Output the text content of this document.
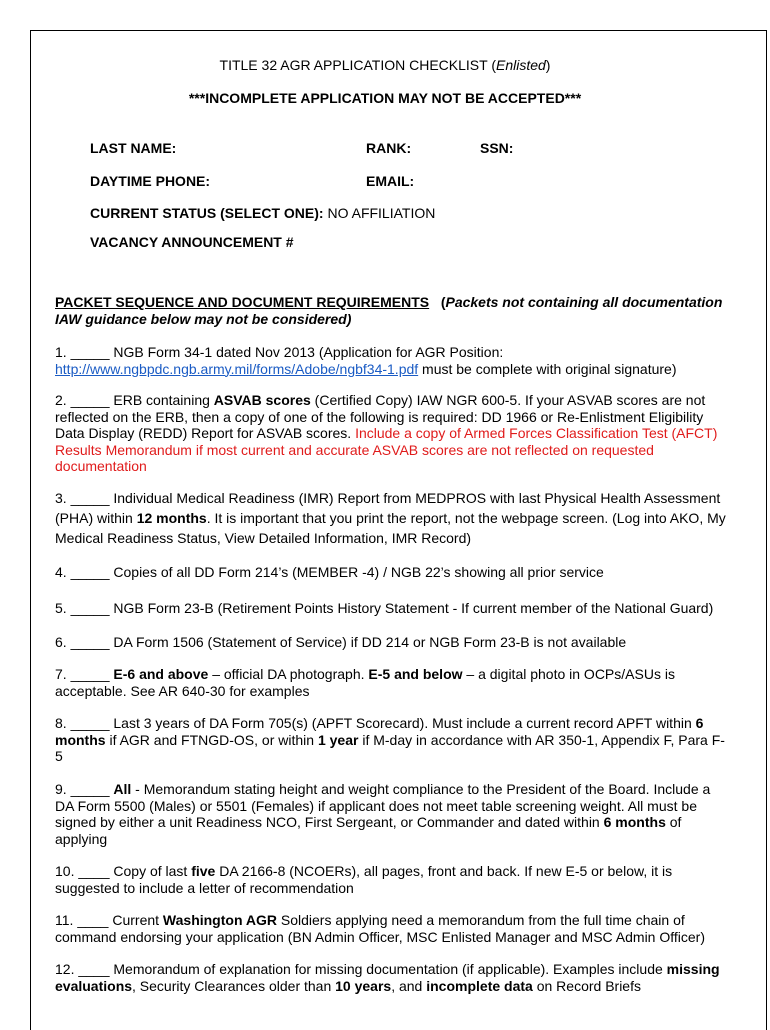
TITLE 32 AGR APPLICATION CHECKLIST (Enlisted)
***INCOMPLETE APPLICATION MAY NOT BE ACCEPTED***
LAST NAME:	RANK:	SSN:
DAYTIME PHONE:	EMAIL:
CURRENT STATUS (SELECT ONE): NO AFFILIATION
VACANCY ANNOUNCEMENT #
PACKET SEQUENCE AND DOCUMENT REQUIREMENTS (Packets not containing all documentation
IAW guidance below may not be considered)
1. _____ NGB Form 34-1 dated Nov 2013 (Application for AGR Position:
http://www.ngbpdc.ngb.army.mil/forms/Adobe/ngbf34-1.pdf must be complete with original signature)
2. _____ ERB containing ASVAB scores (Certified Copy) IAW NGR 600-5. If your ASVAB scores are not reflected on the ERB, then a copy of one of the following is required: DD 1966 or Re-Enlistment Eligibility Data Display (REDD) Report for ASVAB scores. Include a copy of Armed Forces Classification Test (AFCT) Results Memorandum if most current and accurate ASVAB scores are not reflected on requested documentation
3. _____ Individual Medical Readiness (IMR) Report from MEDPROS with last Physical Health Assessment (PHA) within 12 months. It is important that you print the report, not the webpage screen. (Log into AKO, My Medical Readiness Status, View Detailed Information, IMR Record)
4. _____ Copies of all DD Form 214’s (MEMBER -4) / NGB 22’s showing all prior service
5. _____ NGB Form 23-B (Retirement Points History Statement - If current member of the National Guard)
6. _____ DA Form 1506 (Statement of Service) if DD 214 or NGB Form 23-B is not available
7. _____ E-6 and above – official DA photograph. E-5 and below – a digital photo in OCPs/ASUs is acceptable. See AR 640-30 for examples
8. _____ Last 3 years of DA Form 705(s) (APFT Scorecard). Must include a current record APFT within 6 months if AGR and FTNGD-OS, or within 1 year if M-day in accordance with AR 350-1, Appendix F, Para F-5
9. _____ All - Memorandum stating height and weight compliance to the President of the Board. Include a DA Form 5500 (Males) or 5501 (Females) if applicant does not meet table screening weight. All must be signed by either a unit Readiness NCO, First Sergeant, or Commander and dated within 6 months of applying
10. ____ Copy of last five DA 2166-8 (NCOERs), all pages, front and back. If new E-5 or below, it is suggested to include a letter of recommendation
11. ____ Current Washington AGR Soldiers applying need a memorandum from the full time chain of command endorsing your application (BN Admin Officer, MSC Enlisted Manager and MSC Admin Officer)
12. ____ Memorandum of explanation for missing documentation (if applicable). Examples include missing evaluations, Security Clearances older than 10 years, and incomplete data on Record Briefs
